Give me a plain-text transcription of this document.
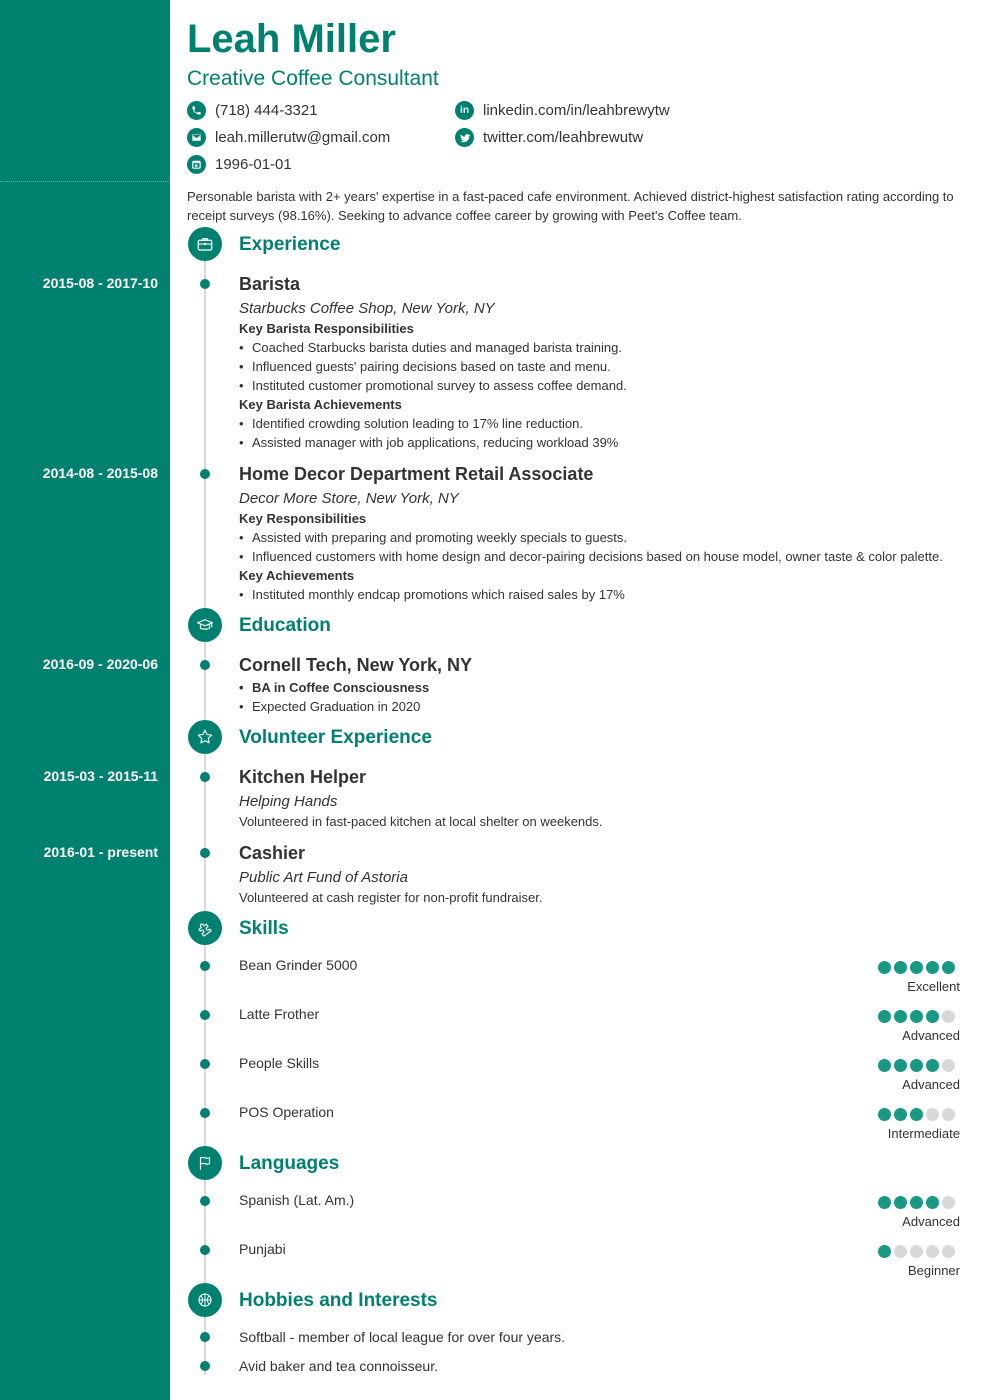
Leah Miller
Creative Coffee Consultant
(718) 444-3321
leah.millerutw@gmail.com
1996-01-01
in linkedin.com/in/leahbrewytw
twitter.com/leahbrewutw
Personable barista with 2+ years' expertise in a fast-paced cafe environment. Achieved district-highest satisfaction rating according to receipt surveys (98.16%). Seeking to advance coffee career by growing with Peet's Coffee team.
Experience
2015-08 - 2017-10	Barista
Starbucks Coffee Shop, New York, NY
Key Barista Responsibilities
• Coached Starbucks barista duties and managed barista training.
• Influenced guests' pairing decisions based on taste and menu.
• Instituted customer promotional survey to assess coffee demand.
Key Barista Achievements
• Identified crowding solution leading to 17% line reduction.
• Assisted manager with job applications, reducing workload 39%
2014-08 - 2015-08	Home Decor Department Retail Associate
Decor More Store, New York, NY
Key Responsibilities
• Assisted with preparing and promoting weekly specials to guests.
• Influenced customers with home design and decor-pairing decisions based on house model, owner taste & color palette.
Key Achievements
• Instituted monthly endcap promotions which raised sales by 17%
Education
2016-09 - 2020-06	Cornell Tech, New York, NY
• BA in Coffee Consciousness
• Expected Graduation in 2020
Volunteer Experience
2015-03 - 2015-11	Kitchen Helper
Helping Hands
Volunteered in fast-paced kitchen at local shelter on weekends.
2016-01 - present	Cashier
Public Art Fund of Astoria
Volunteered at cash register for non-profit fundraiser.
Skills
Bean Grinder 5000
Excellent
Latte Frother
Advanced
People Skills
Advanced
POS Operation
Intermediate
Languages
Spanish (Lat. Am.)
Advanced
Punjabi
Beginner
Hobbies and Interests
Softball - member of local league for over four years.
Avid baker and tea connoisseur.
